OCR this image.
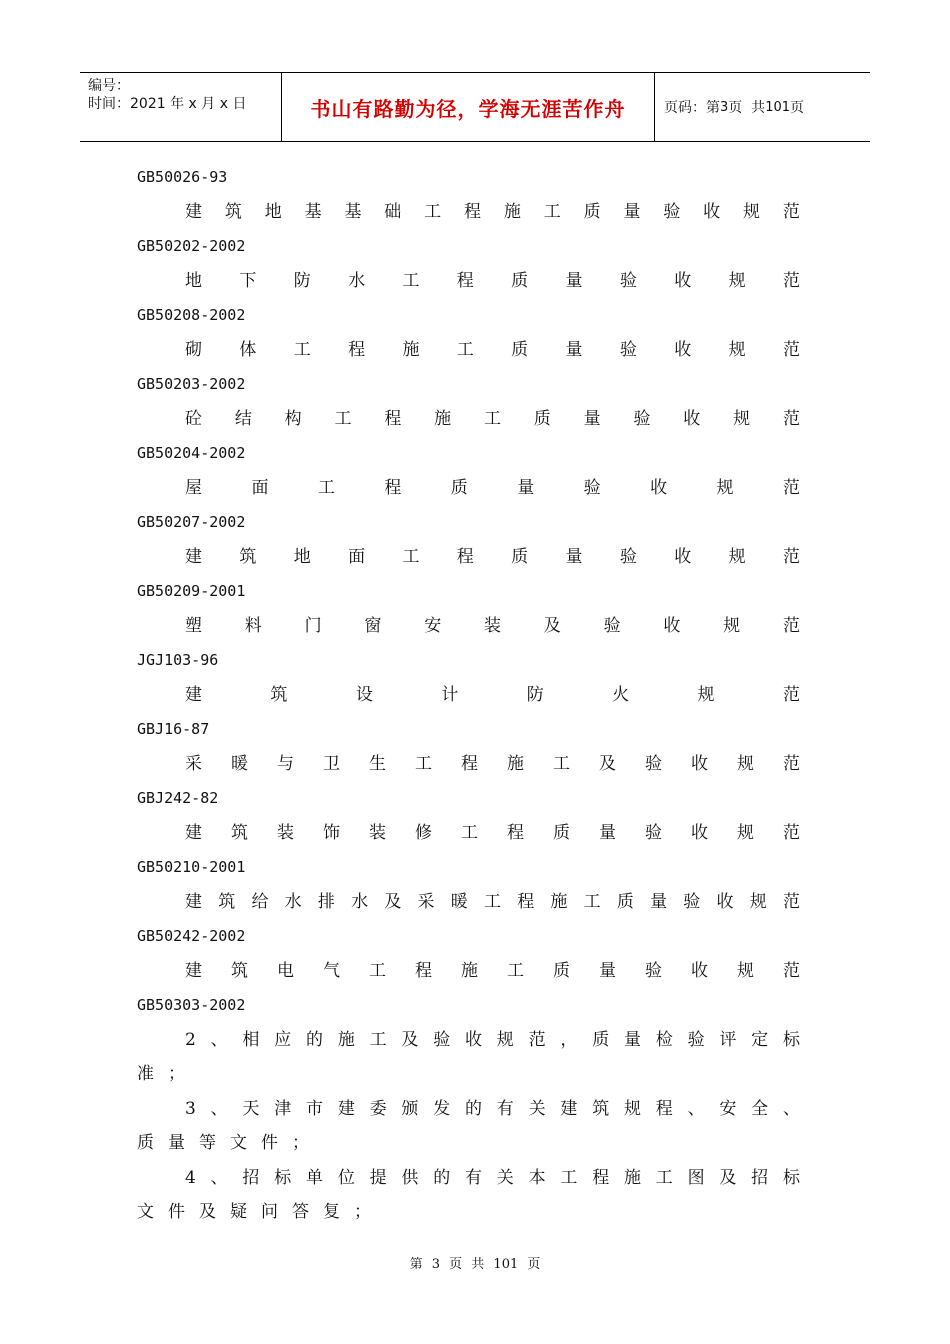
编号：
时间：2021 年 x 月 x 日	书山有路勤为径，学海无涯苦作舟	页码：第 3 页  共 101 页
GB50026-93
建 筑 地 基 基 础 工 程 施 工 质 量 验 收 规 范
GB50202-2002
地 下 防 水 工 程 质 量 验 收 规 范
GB50208-2002
砌 体 工 程 施 工 质 量 验 收 规 范
GB50203-2002
砼 结 构 工 程 施 工 质 量 验 收 规 范
GB50204-2002
屋	面	工	程	质	量	验	收	规	范
GB50207-2002
建 筑 地 面 工 程 质 量 验 收 规 范
GB50209-2001
塑	料	门	窗	安	装	及	验	收	规	范
JGJ103-96
建	筑	设	计	防	火	规	范
GBJ16-87
采 暖 与 卫 生 工 程 施 工 及 验 收 规 范
GBJ242-82
建 筑 装 饰 装 修 工 程 质 量 验 收 规 范
GB50210-2001
建 筑 给 水 排 水 及 采 暖 工 程 施 工 质 量 验 收 规 范
GB50242-2002
建 筑 电 气 工 程 施 工 质 量 验 收 规 范
GB50303-2002
2 、 相 应 的 施 工 及 验 收 规 范 ， 质 量 检 验 评 定 标
准；
3 、 天 津 市 建 委 颁 发 的 有 关 建 筑 规 程 、 安 全 、
质量等文件；
4 、 招 标 单 位 提 供 的 有 关 本 工 程 施 工 图 及 招 标
文件及疑问答复；
第 3 页 共 101 页
